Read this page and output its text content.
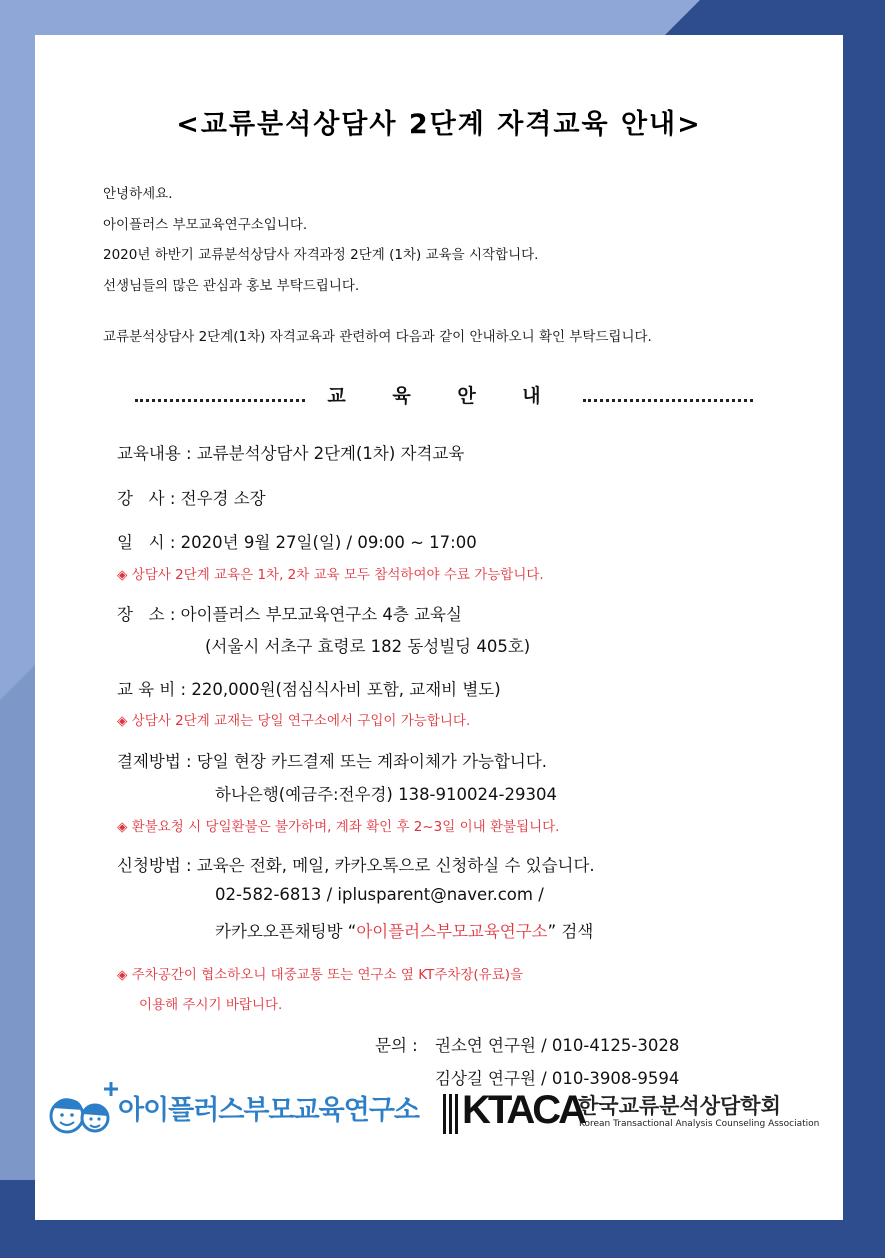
<교류분석상담사 2단계 자격교육 안내>
안녕하세요.
아이플러스 부모교육연구소입니다.
2020년 하반기 교류분석상담사 자격과정 2단계 (1차) 교육을 시작합니다.
선생님들의 많은 관심과 홍보 부탁드립니다.
교류분석상담사 2단계(1차) 자격교육과 관련하여 다음과 같이 안내하오니 확인 부탁드립니다.
교 육 안 내
교육내용 : 교류분석상담사 2단계(1차) 자격교육
강   사 : 전우경 소장
일   시 : 2020년 9월 27일(일) / 09:00 ~ 17:00
◈ 상담사 2단계 교육은 1차, 2차 교육 모두 참석하여야 수료 가능합니다.
장   소 : 아이플러스 부모교육연구소 4층 교육실
(서울시 서초구 효령로 182 동성빌딩 405호)
교 육 비 : 220,000원(점심식사비 포함, 교재비 별도)
◈ 상담사 2단계 교재는 당일 연구소에서 구입이 가능합니다.
결제방법 : 당일 현장 카드결제 또는 계좌이체가 가능합니다.
하나은행(예금주:전우경) 138-910024-29304
◈ 환불요청 시 당일환불은 불가하며, 계좌 확인 후 2~3일 이내 환불됩니다.
신청방법 : 교육은 전화, 메일, 카카오톡으로 신청하실 수 있습니다.
02-582-6813 / iplusparent@naver.com /
카카오오픈채팅방 “아이플러스부모교육연구소” 검색
◈ 주차공간이 협소하오니 대중교통 또는 연구소 옆 KT주차장(유료)을
이용해 주시기 바랍니다.
문의 : 권소연 연구원 / 010-4125-3028
김상길 연구원 / 010-3908-9594
아이플러스부모교육연구소 KTACA
한국교류분석상담학회
Korean Transactional Analysis Counseling Association
